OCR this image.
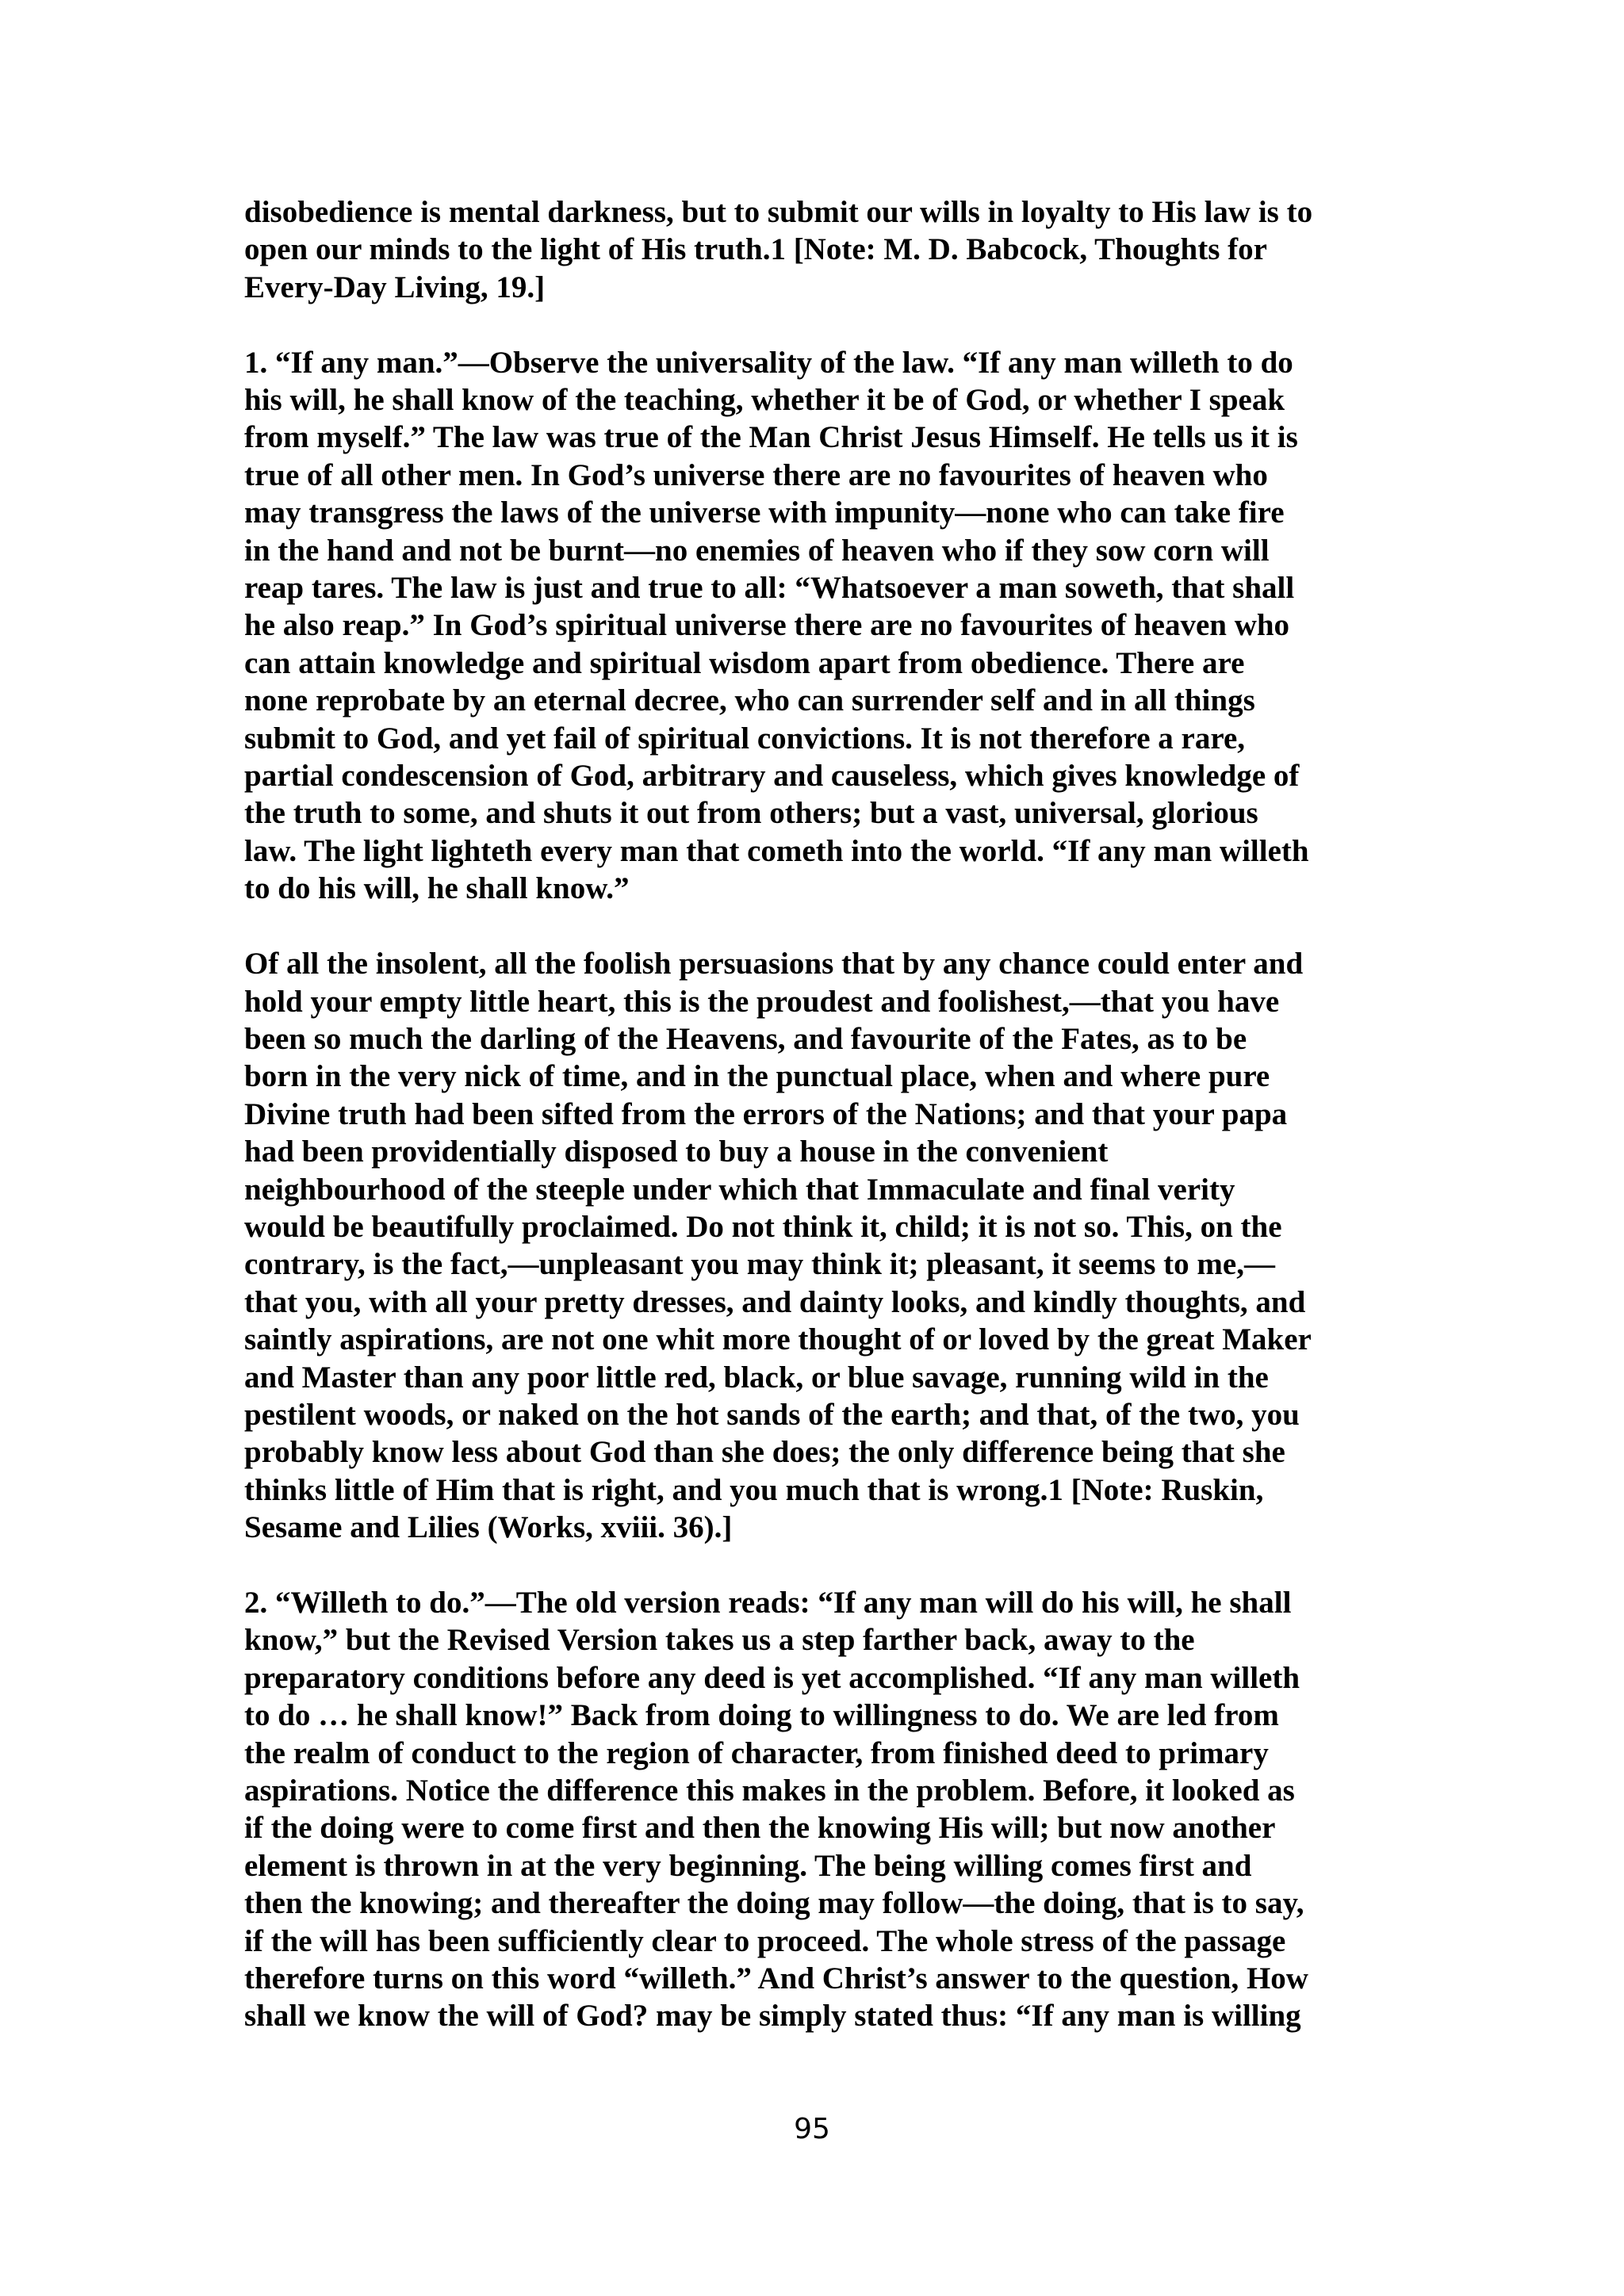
disobedience is mental darkness, but to submit our wills in loyalty to His law is to
open our minds to the light of His truth.1 [Note: M. D. Babcock, Thoughts for
Every-Day Living, 19.]
1. “If any man.”—Observe the universality of the law. “If any man willeth to do
his will, he shall know of the teaching, whether it be of God, or whether I speak
from myself.” The law was true of the Man Christ Jesus Himself. He tells us it is
true of all other men. In God’s universe there are no favourites of heaven who
may transgress the laws of the universe with impunity—none who can take fire
in the hand and not be burnt—no enemies of heaven who if they sow corn will
reap tares. The law is just and true to all: “Whatsoever a man soweth, that shall
he also reap.” In God’s spiritual universe there are no favourites of heaven who
can attain knowledge and spiritual wisdom apart from obedience. There are
none reprobate by an eternal decree, who can surrender self and in all things
submit to God, and yet fail of spiritual convictions. It is not therefore a rare,
partial condescension of God, arbitrary and causeless, which gives knowledge of
the truth to some, and shuts it out from others; but a vast, universal, glorious
law. The light lighteth every man that cometh into the world. “If any man willeth
to do his will, he shall know.”
Of all the insolent, all the foolish persuasions that by any chance could enter and
hold your empty little heart, this is the proudest and foolishest,—that you have
been so much the darling of the Heavens, and favourite of the Fates, as to be
born in the very nick of time, and in the punctual place, when and where pure
Divine truth had been sifted from the errors of the Nations; and that your papa
had been providentially disposed to buy a house in the convenient
neighbourhood of the steeple under which that Immaculate and final verity
would be beautifully proclaimed. Do not think it, child; it is not so. This, on the
contrary, is the fact,—unpleasant you may think it; pleasant, it seems to me,—
that you, with all your pretty dresses, and dainty looks, and kindly thoughts, and
saintly aspirations, are not one whit more thought of or loved by the great Maker
and Master than any poor little red, black, or blue savage, running wild in the
pestilent woods, or naked on the hot sands of the earth; and that, of the two, you
probably know less about God than she does; the only difference being that she
thinks little of Him that is right, and you much that is wrong.1 [Note: Ruskin,
Sesame and Lilies (Works, xviii. 36).]
2. “Willeth to do.”—The old version reads: “If any man will do his will, he shall
know,” but the Revised Version takes us a step farther back, away to the
preparatory conditions before any deed is yet accomplished. “If any man willeth
to do … he shall know!” Back from doing to willingness to do. We are led from
the realm of conduct to the region of character, from finished deed to primary
aspirations. Notice the difference this makes in the problem. Before, it looked as
if the doing were to come first and then the knowing His will; but now another
element is thrown in at the very beginning. The being willing comes first and
then the knowing; and thereafter the doing may follow—the doing, that is to say,
if the will has been sufficiently clear to proceed. The whole stress of the passage
therefore turns on this word “willeth.” And Christ’s answer to the question, How
shall we know the will of God? may be simply stated thus: “If any man is willing
95
